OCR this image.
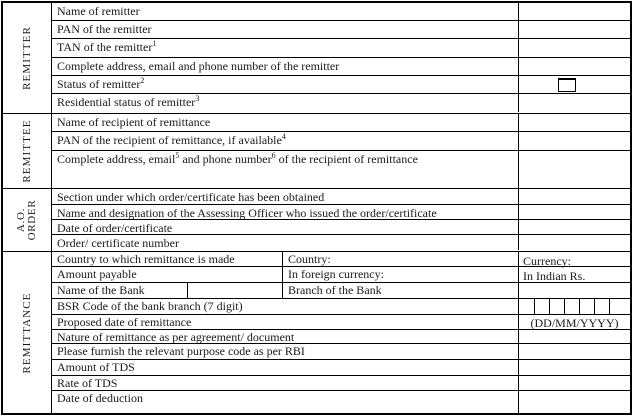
REMITTER
Name of remitter
PAN of the remitter
TAN of the remitter$^1$
Complete address, email and phone number of the remitter
Status of remitter$^2$
Residential status of remitter$^3$
REMITTEE	Name of recipient of remittance
PAN of the recipient of remittance, if available$^4$
Complete address, email$^5$ and phone number$^6$ of the recipient of remittance
A.O. ORDER
Section under which order/certificate has been obtained
Name and designation of the Assessing Officer who issued the order/certificate
Date of order/certificate
Order/ certificate number
REMITTANCE
Country to which remittance is made	Country:	Currency:
Amount payable	In foreign currency:	In Indian Rs.
Name of the Bank	Branch of the Bank
BSR Code of the bank branch (7 digit)
Proposed date of remittance	(DD/MM/YYYY)
Nature of remittance as per agreement/ document
Please furnish the relevant purpose code as per RBI
Amount of TDS
Rate of TDS
Date of deduction
